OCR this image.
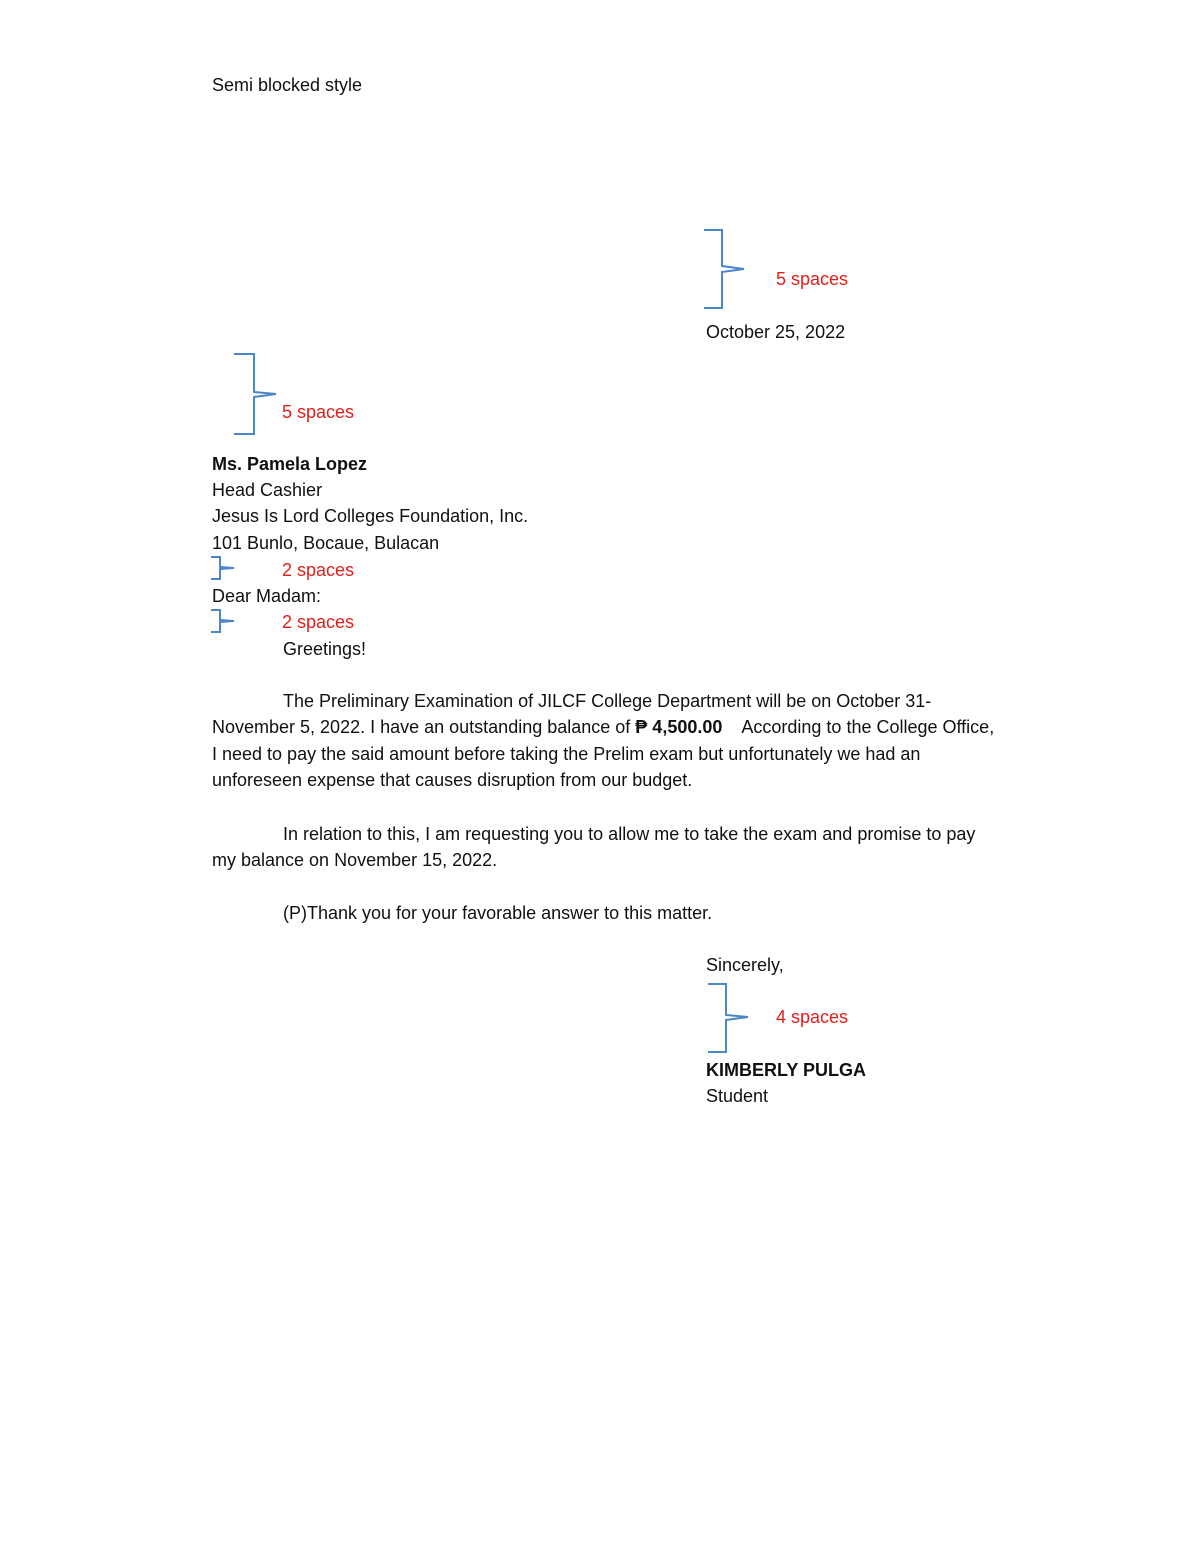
Semi blocked style
5 spaces
October 25, 2022
5 spaces
Ms. Pamela Lopez
Head Cashier
Jesus Is Lord Colleges Foundation, Inc.
101 Bunlo, Bocaue, Bulacan
2 spaces
Dear Madam:
2 spaces
Greetings!
The Preliminary Examination of JILCF College Department will be on October 31- November 5, 2022. I have an outstanding balance of ₱ 4,500.00    According to the College Office, I need to pay the said amount before taking the Prelim exam but unfortunately we had an unforeseen expense that causes disruption from our budget.
In relation to this, I am requesting you to allow me to take the exam and promise to pay my balance on November 15, 2022.
(P)Thank you for your favorable answer to this matter.
Sincerely,
4 spaces
KIMBERLY PULGA
Student
